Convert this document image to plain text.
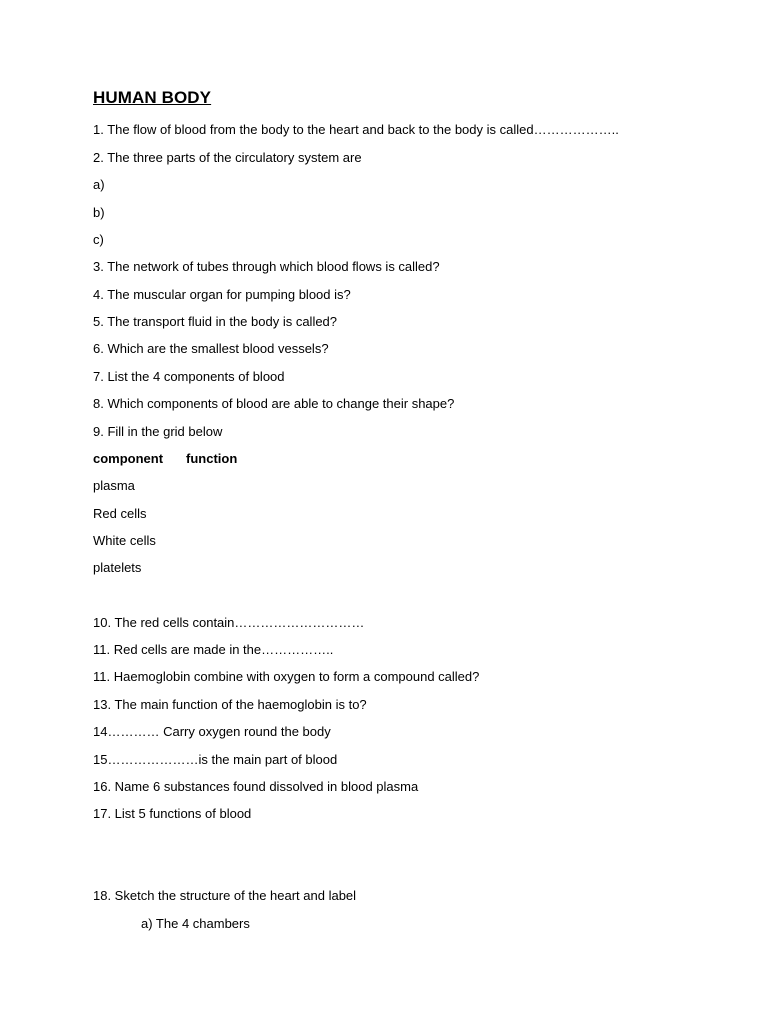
HUMAN BODY
1. The flow of blood from the body to the heart and back to the body is called………………..
2. The three parts of the circulatory system are
a)
b)
c)
3. The network of tubes through which blood flows is called?
4. The muscular organ for pumping blood is?
5. The transport fluid in the body is called?
6. Which are the smallest blood vessels?
7. List the 4 components of blood
8. Which components of blood are able to change their shape?
9. Fill in the grid below
component function
plasma
Red cells
White cells
platelets
10. The red cells contain…………………………
11. Red cells are made in the……………..
11. Haemoglobin combine with oxygen to form a compound called?
13. The main function of the haemoglobin is to?
14………… Carry oxygen round the body
15…………………is the main part of blood
16. Name 6 substances found dissolved in blood plasma
17. List 5 functions of blood
18. Sketch the structure of the heart and label
a) The 4 chambers
